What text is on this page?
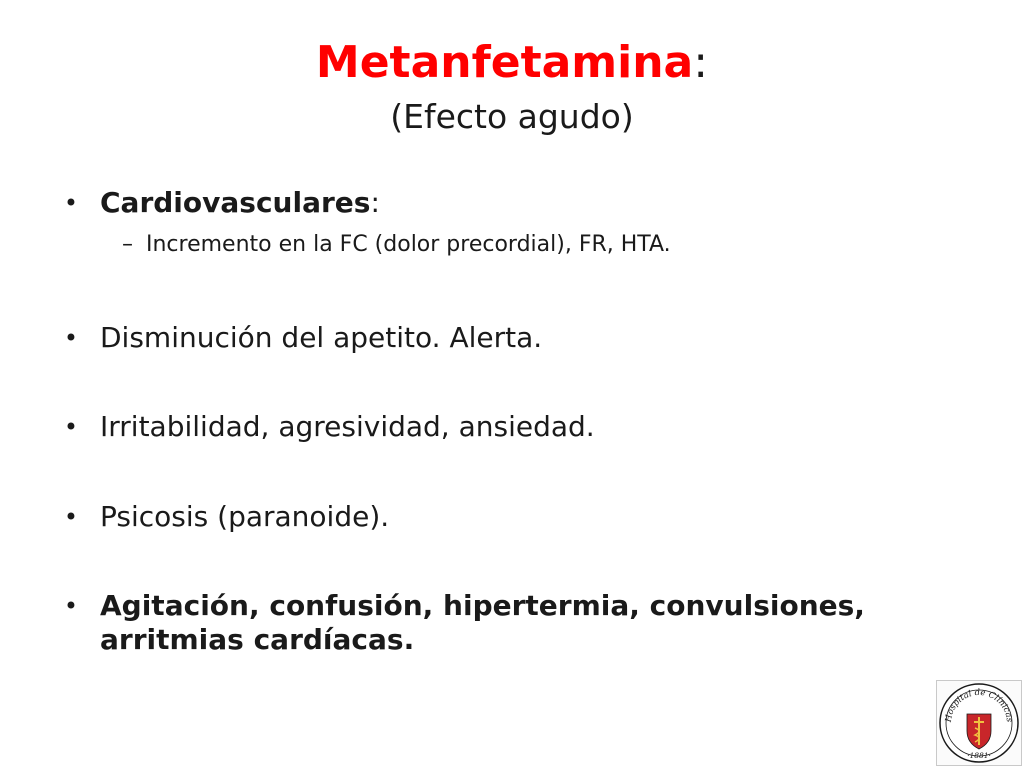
Metanfetamina:
(Efecto agudo)
• Cardiovasculares:
– Incremento en la FC (dolor precordial), FR, HTA.
• Disminución del apetito. Alerta.
• Irritabilidad, agresividad, ansiedad.
• Psicosis (paranoide).
• Agitación, confusión, hipertermia, convulsiones, arritmias cardíacas.
Hospital de Clínicas
·1881·
